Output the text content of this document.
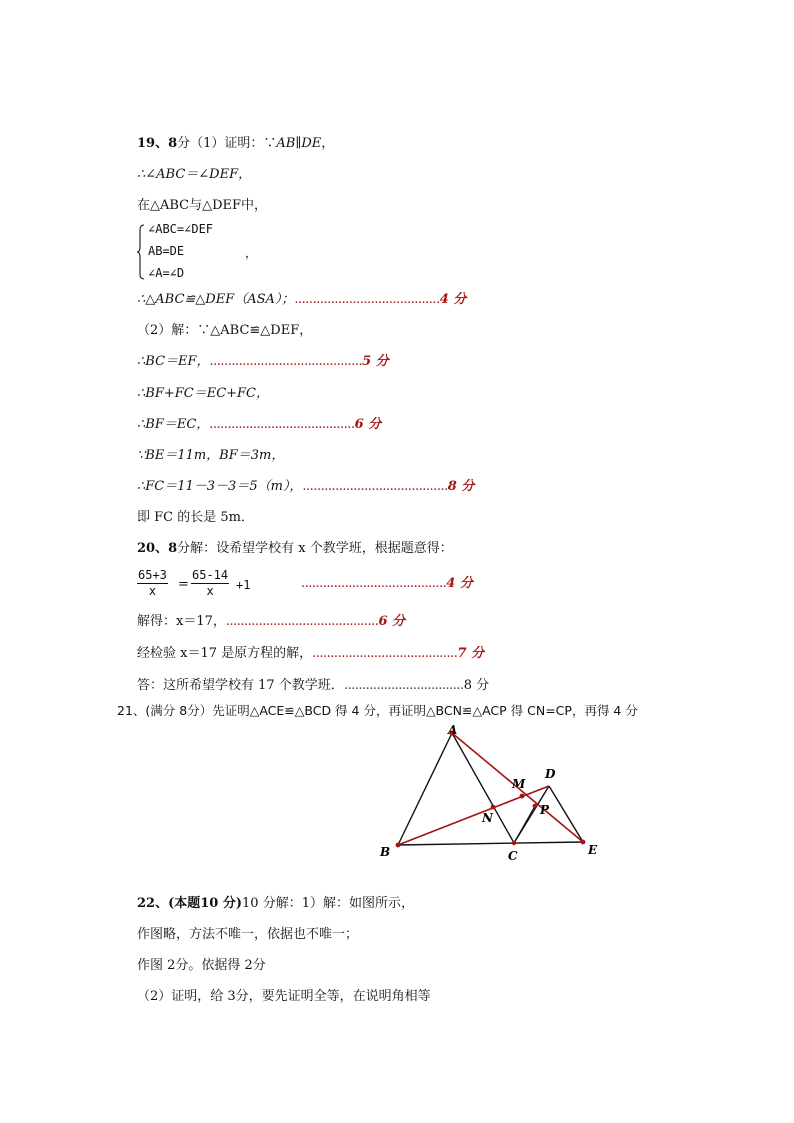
19、8分（1）证明：∵AB∥DE，
∴∠ABC＝∠DEF，
在△ABC与△DEF中，
∠ABC=∠DEF
AB=DE
∠A=∠D
，
∴△ABC≌△DEF（ASA）；........................................4 分
（2）解：∵△ABC≌△DEF，
∴BC＝EF，..........................................5 分
∴BF+FC＝EC+FC，
∴BF＝EC，........................................6 分
∵BE＝11m，BF＝3m，
∴FC＝11－3－3＝5（m），........................................8 分
即 FC 的长是 5m．
20、8分解：设希望学校有 x 个教学班，根据题意得：
$\frac{65+3}{x} = \frac{65-14}{x} +1$	........................................4 分
解得：x＝17，..........................................6 分
经检验 x＝17 是原方程的解，........................................7 分
答：这所希望学校有 17 个教学班．.................................8 分
21、(满分 8分）先证明△ACE≌△BCD 得 4 分，再证明△BCN≌△ACP 得 CN=CP，再得 4 分
A
B	C
D
E
M
N
P
22、(本题10 分)10 分解：1）解：如图所示，
作图略，方法不唯一，依据也不唯一；
作图 2分。依据得 2分
（2）证明，给 3分，要先证明全等，在说明角相等
